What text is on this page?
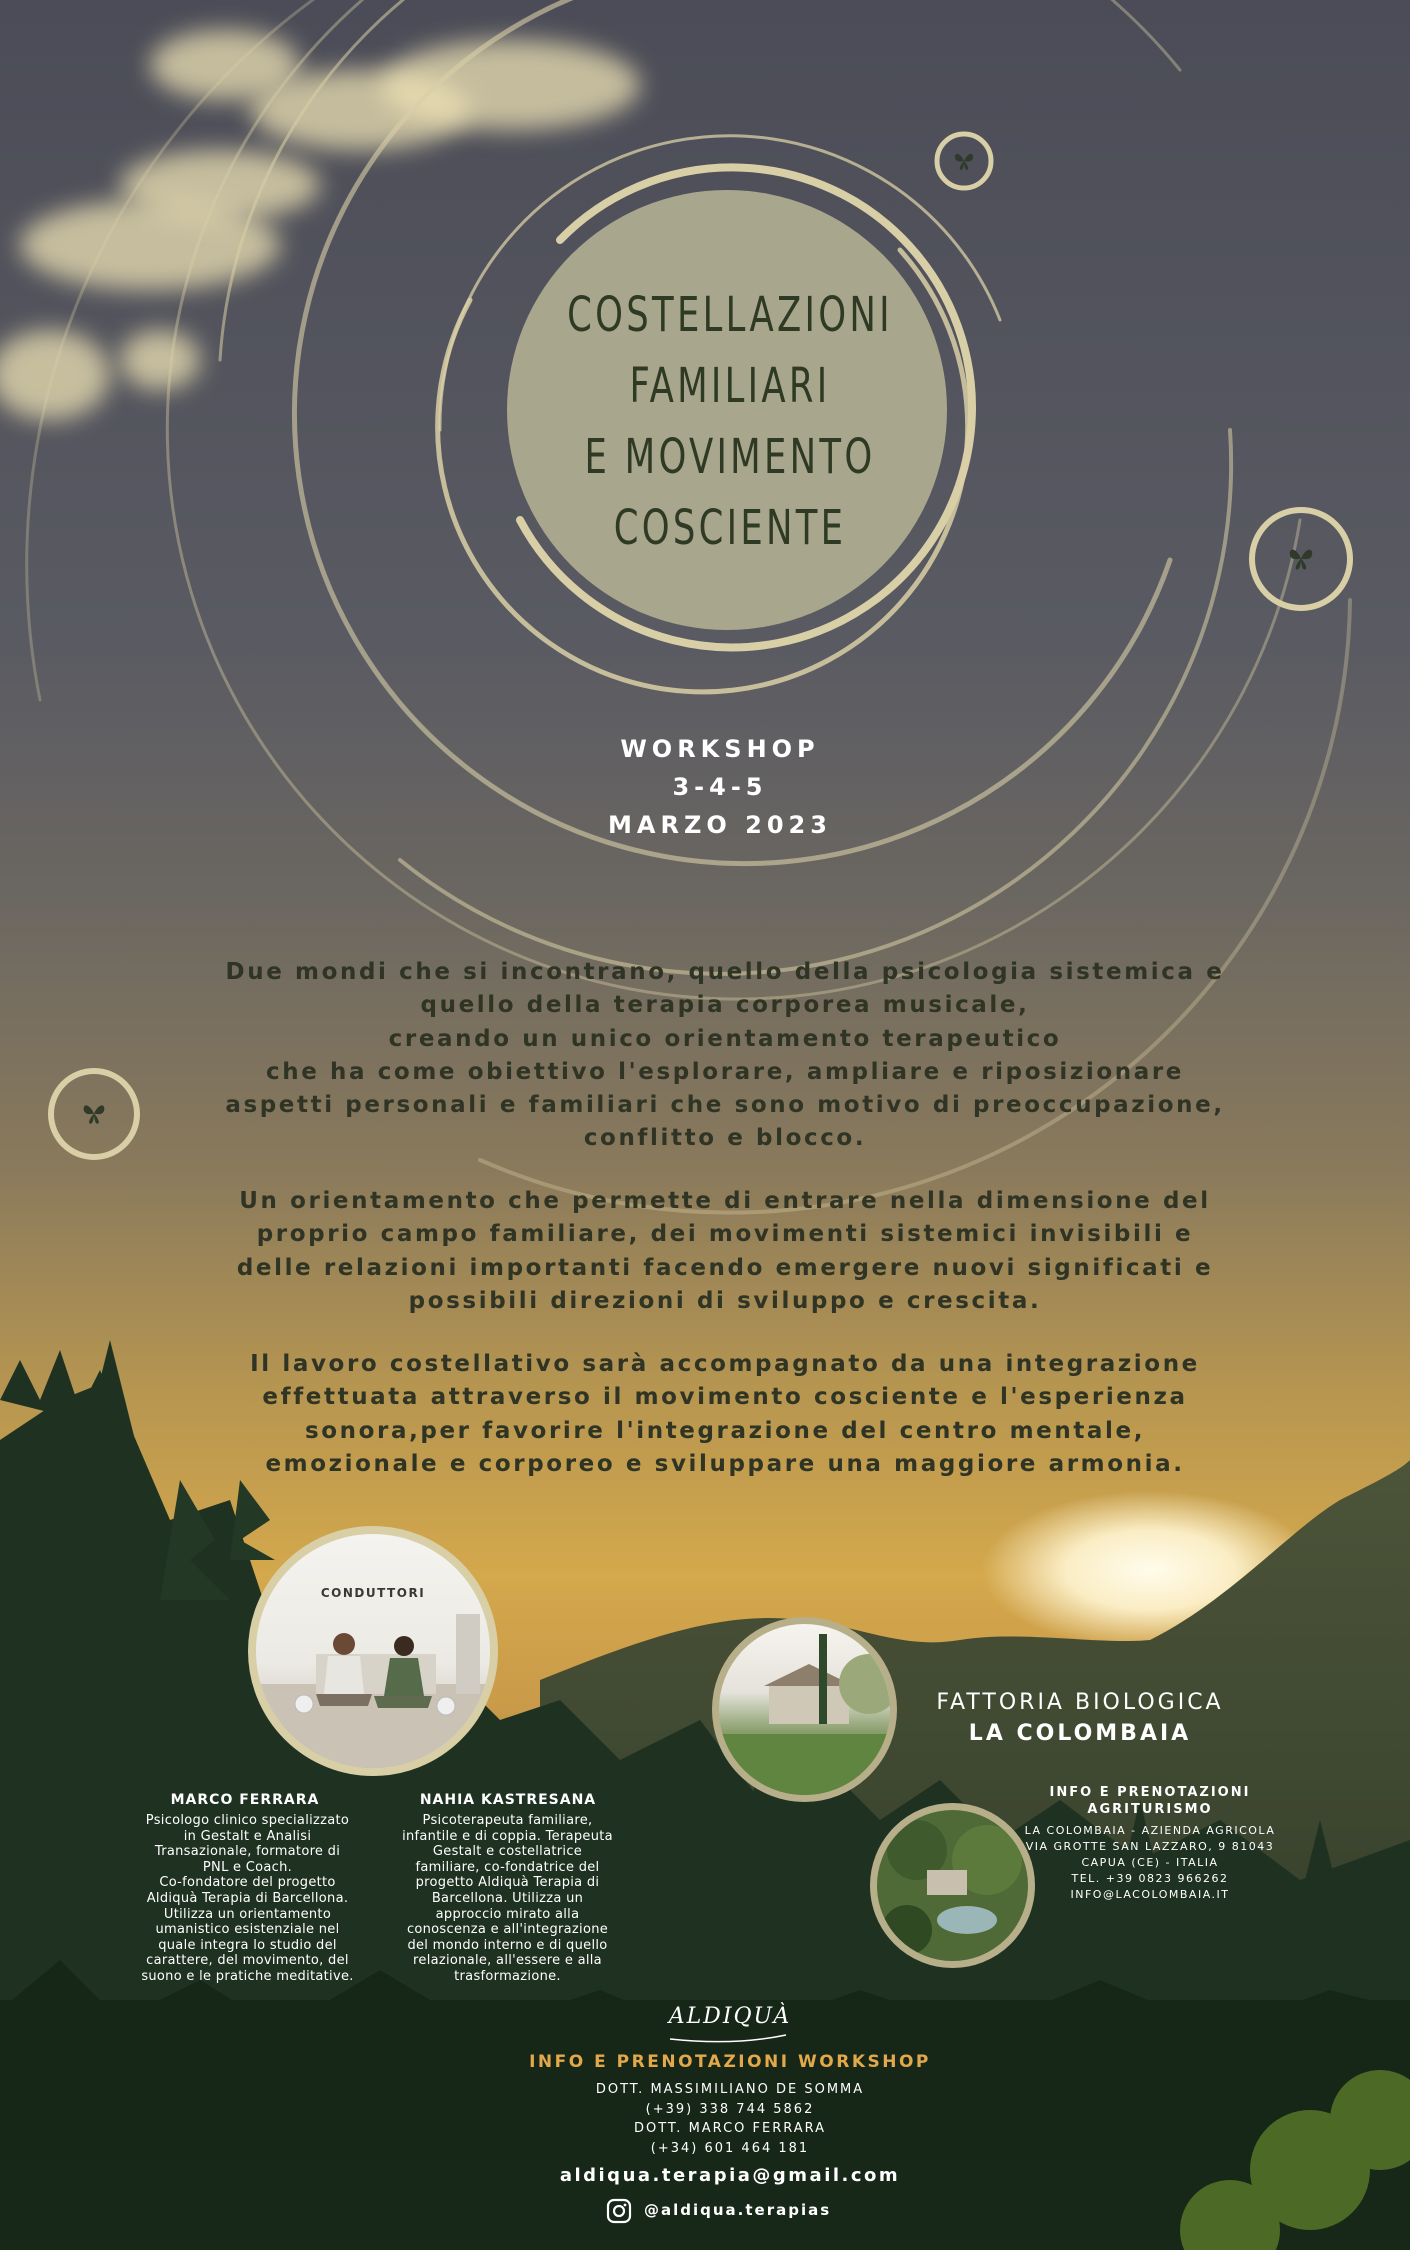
COSTELLAZIONI
FAMILIARI
E MOVIMENTO
COSCIENTE
WORKSHOP
3-4-5
MARZO 2023
Due mondi che si incontrano, quello della psicologia sistemica e
quello della terapia corporea musicale,
creando un unico orientamento terapeutico
che ha come obiettivo l'esplorare, ampliare e riposizionare
aspetti personali e familiari che sono motivo di preoccupazione,
conflitto e blocco.
Un orientamento che permette di entrare nella dimensione del
proprio campo familiare, dei movimenti sistemici invisibili e
delle relazioni importanti facendo emergere nuovi significati e
possibili direzioni di sviluppo e crescita.
Il lavoro costellativo sarà accompagnato da una integrazione
effettuata attraverso il movimento cosciente e l'esperienza
sonora,per favorire l'integrazione del centro mentale,
emozionale e corporeo e sviluppare una maggiore armonia.
CONDUTTORI
MARCO FERRARA
Psicologo clinico specializzato
in Gestalt e Analisi
Transazionale, formatore di
PNL e Coach.
Co-fondatore del progetto
Aldiquà Terapia di Barcellona.
Utilizza un orientamento
umanistico esistenziale nel
quale integra lo studio del
carattere, del movimento, del
suono e le pratiche meditative.
NAHIA KASTRESANA
Psicoterapeuta familiare,
infantile e di coppia. Terapeuta
Gestalt e costellatrice
familiare, co-fondatrice del
progetto Aldiquà Terapia di
Barcellona. Utilizza un
approccio mirato alla
conoscenza e all'integrazione
del mondo interno e di quello
relazionale, all'essere e alla
trasformazione.
FATTORIA BIOLOGICA
LA COLOMBAIA
INFO E PRENOTAZIONI
AGRITURISMO
LA COLOMBAIA - AZIENDA AGRICOLA
VIA GROTTE SAN LAZZARO, 9 81043
CAPUA (CE) - ITALIA
TEL. +39 0823 966262
INFO@LACOLOMBAIA.IT
ALDIQUÀ
INFO E PRENOTAZIONI WORKSHOP
DOTT. MASSIMILIANO DE SOMMA
(+39) 338 744 5862
DOTT. MARCO FERRARA
(+34) 601 464 181
aldiqua.terapia@gmail.com
@aldiqua.terapias
